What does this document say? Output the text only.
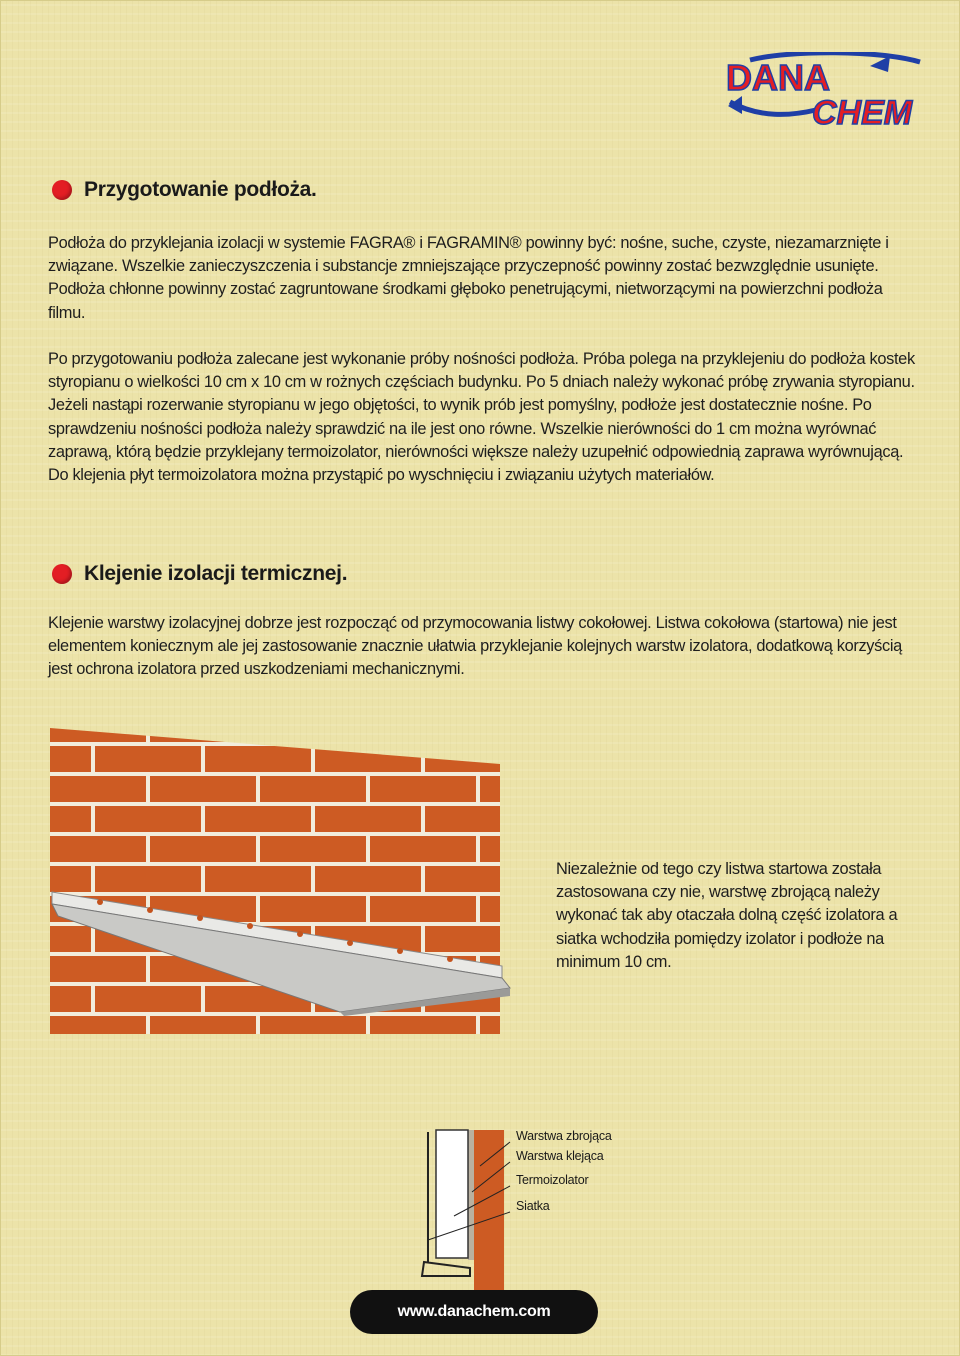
DANA
CHEM
Przygotowanie podłoża.

Podłoża do przyklejania izolacji w systemie FAGRA® i FAGRAMIN® powinny być: nośne, suche, czyste, niezamarznięte i związane. Wszelkie zanieczyszczenia i substancje zmniejszające przyczepność powinny zostać bezwzględnie usunięte. Podłoża chłonne powinny zostać zagruntowane środkami głęboko penetrującymi, nietworzącymi na powierzchni podłoża filmu.

Po przygotowaniu podłoża zalecane jest wykonanie próby nośności podłoża. Próba polega na przyklejeniu do podłoża kostek styropianu o wielkości 10 cm x 10 cm w rożnych częściach budynku. Po 5 dniach należy wykonać próbę zrywania styropianu. Jeżeli nastąpi rozerwanie styropianu w jego objętości, to wynik prób jest pomyślny, podłoże jest dostatecznie nośne. Po sprawdzeniu nośności podłoża należy sprawdzić na ile jest ono równe. Wszelkie nierówności do 1 cm można wyrównać zaprawą, którą będzie przyklejany termoizolator, nierówności większe należy uzupełnić odpowiednią zaprawa wyrównującą. Do klejenia płyt termoizolatora można przystąpić po wyschnięciu i związaniu użytych materiałów.

Klejenie izolacji termicznej.

Klejenie warstwy izolacyjnej dobrze jest rozpocząć od przymocowania listwy cokołowej. Listwa cokołowa (startowa) nie jest elementem koniecznym ale jej zastosowanie znacznie ułatwia przyklejanie kolejnych warstw izolatora, dodatkową korzyścią jest ochrona izolatora przed uszkodzeniami mechanicznymi.

Niezależnie od tego czy listwa startowa została zastosowana czy nie, warstwę zbrojącą należy wykonać tak aby otaczała dolną część izolatora a siatka wchodziła pomiędzy izolator i podłoże na minimum 10 cm.

Warstwa zbrojąca
Warstwa klejąca
Termoizolator
Siatka
www.danachem.com
